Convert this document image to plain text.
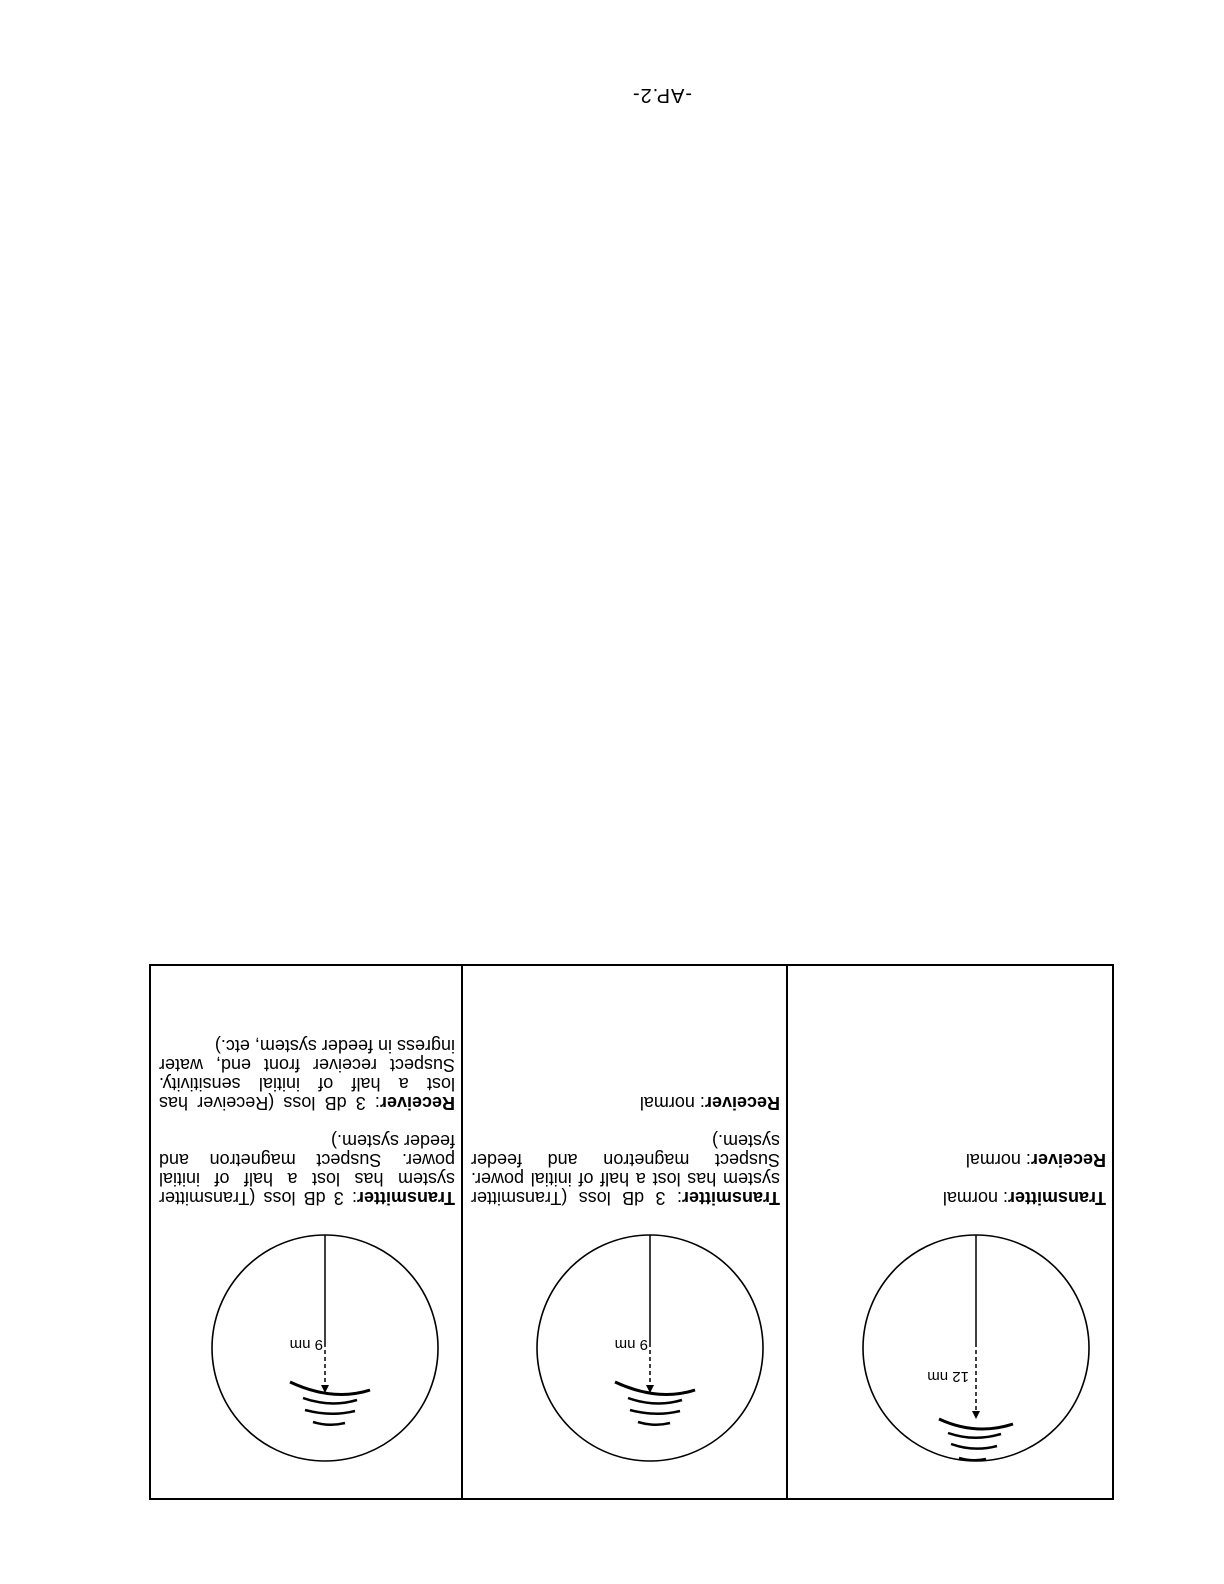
12 nm

Transmitter: normal

Receiver: normal

9 nm

Transmitter: 3 dB loss (Transmitter system has lost a half of initial power. Suspect magnetron and feeder system.)

Receiver: normal

9 nm

Transmitter: 3 dB loss (Transmitter system has lost a half of initial power. Suspect magnetron and feeder system.)

Receiver: 3 dB loss (Receiver has lost a half of initial sensitivity. Suspect receiver front end, water ingress in feeder system, etc.)

-AP.2-
